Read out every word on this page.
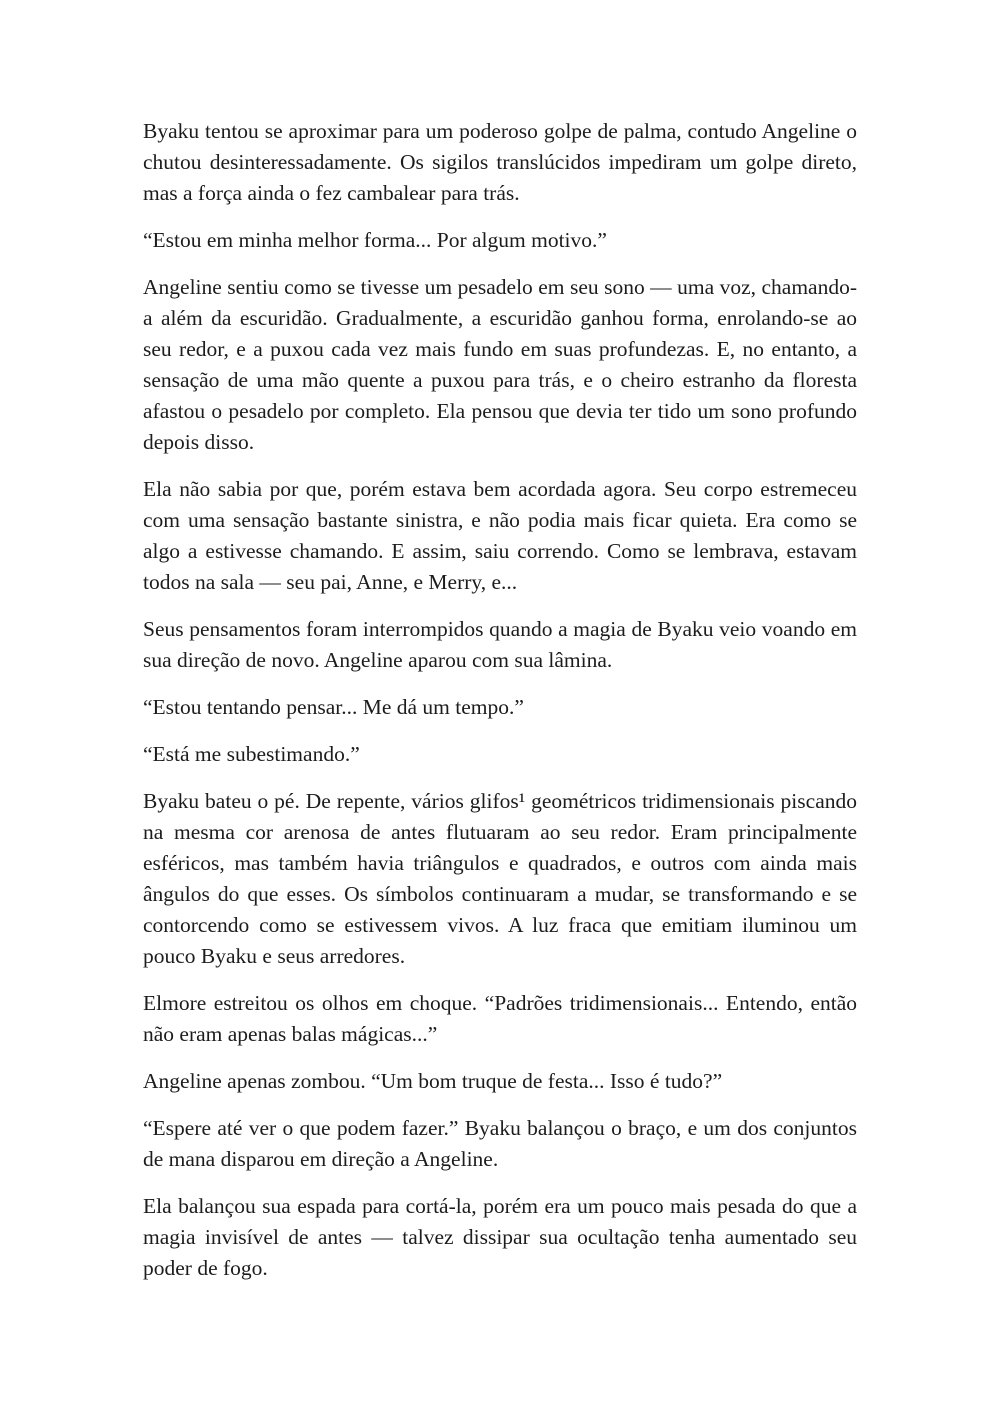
Byaku tentou se aproximar para um poderoso golpe de palma, contudo Angeline o chutou desinteressadamente. Os sigilos translúcidos impediram um golpe direto, mas a força ainda o fez cambalear para trás.

“Estou em minha melhor forma... Por algum motivo.”

Angeline sentiu como se tivesse um pesadelo em seu sono — uma voz, chamando-a além da escuridão. Gradualmente, a escuridão ganhou forma, enrolando-se ao seu redor, e a puxou cada vez mais fundo em suas profundezas. E, no entanto, a sensação de uma mão quente a puxou para trás, e o cheiro estranho da floresta afastou o pesadelo por completo. Ela pensou que devia ter tido um sono profundo depois disso.

Ela não sabia por que, porém estava bem acordada agora. Seu corpo estremeceu com uma sensação bastante sinistra, e não podia mais ficar quieta. Era como se algo a estivesse chamando. E assim, saiu correndo. Como se lembrava, estavam todos na sala — seu pai, Anne, e Merry, e...

Seus pensamentos foram interrompidos quando a magia de Byaku veio voando em sua direção de novo. Angeline aparou com sua lâmina.

“Estou tentando pensar... Me dá um tempo.”

“Está me subestimando.”

Byaku bateu o pé. De repente, vários glifos¹ geométricos tridimensionais piscando na mesma cor arenosa de antes flutuaram ao seu redor. Eram principalmente esféricos, mas também havia triângulos e quadrados, e outros com ainda mais ângulos do que esses. Os símbolos continuaram a mudar, se transformando e se contorcendo como se estivessem vivos. A luz fraca que emitiam iluminou um pouco Byaku e seus arredores.

Elmore estreitou os olhos em choque. “Padrões tridimensionais... Entendo, então não eram apenas balas mágicas...”

Angeline apenas zombou. “Um bom truque de festa... Isso é tudo?”

“Espere até ver o que podem fazer.” Byaku balançou o braço, e um dos conjuntos de mana disparou em direção a Angeline.

Ela balançou sua espada para cortá-la, porém era um pouco mais pesada do que a magia invisível de antes — talvez dissipar sua ocultação tenha aumentado seu poder de fogo.
